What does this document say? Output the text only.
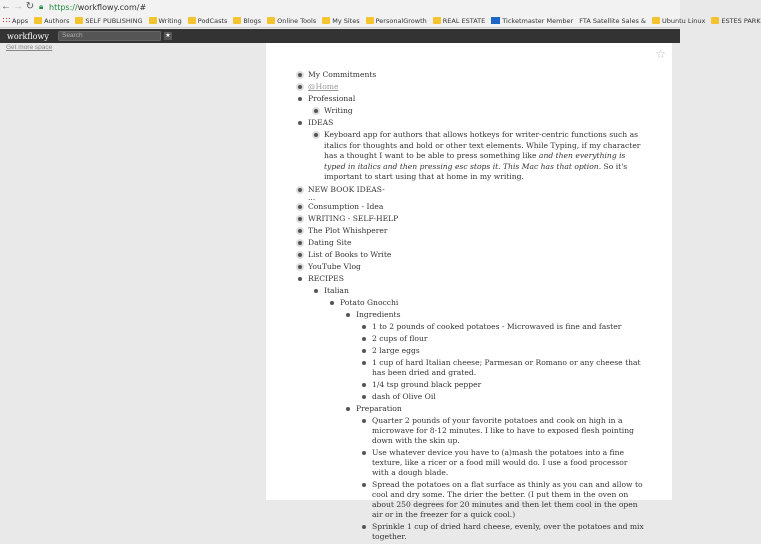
← → ↻ 🔒︎ https://workflowy.com/#
Apps Authors SELF PUBLISHING Writing PodCasts Blogs Online Tools My Sites PersonalGrowth REAL ESTATE	Ticketmaster Member FTA Satellite Sales & Ubuntu Linux ESTES PARK
workflowy	Search	★
Get more space	☆
My Commitments
@Home
Professional
Writing
IDEAS
Keyboard app for authors that allows hotkeys for writer-centric functions such as italics for thoughts and bold or other text elements. While Typing, if my character has a thought I want to be able to press something like and then everything is typed in italics and then pressing esc stops it. This Mac has that option. So it's important to start using that at home in my writing.
NEW BOOK IDEAS-
...
Consumption - Idea
WRITING - SELF-HELP
The Plot Whishperer
Dating Site
List of Books to Write
YouTube Vlog
RECIPES
Italian
Potato Gnocchi
Ingredients
1 to 2 pounds of cooked potatoes - Microwaved is fine and faster
2 cups of flour
2 large eggs
1 cup of hard Italian cheese; Parmesan or Romano or any cheese that has been dried and grated.
1/4 tsp ground black pepper
dash of Olive Oil
Preparation
Quarter 2 pounds of your favorite potatoes and cook on high in a microwave for 8-12 minutes. I like to have to exposed flesh pointing down with the skin up.
Use whatever device you have to (a)mash the potatoes into a fine texture, like a ricer or a food mill would do. I use a food processor with a dough blade.
Spread the potatoes on a flat surface as thinly as you can and allow to cool and dry some. The drier the better. (I put them in the oven on about 250 degrees for 20 minutes and then let them cool in the open air or in the freezer for a quick cool.)
Sprinkle 1 cup of dried hard cheese, evenly, over the potatoes and mix together.
